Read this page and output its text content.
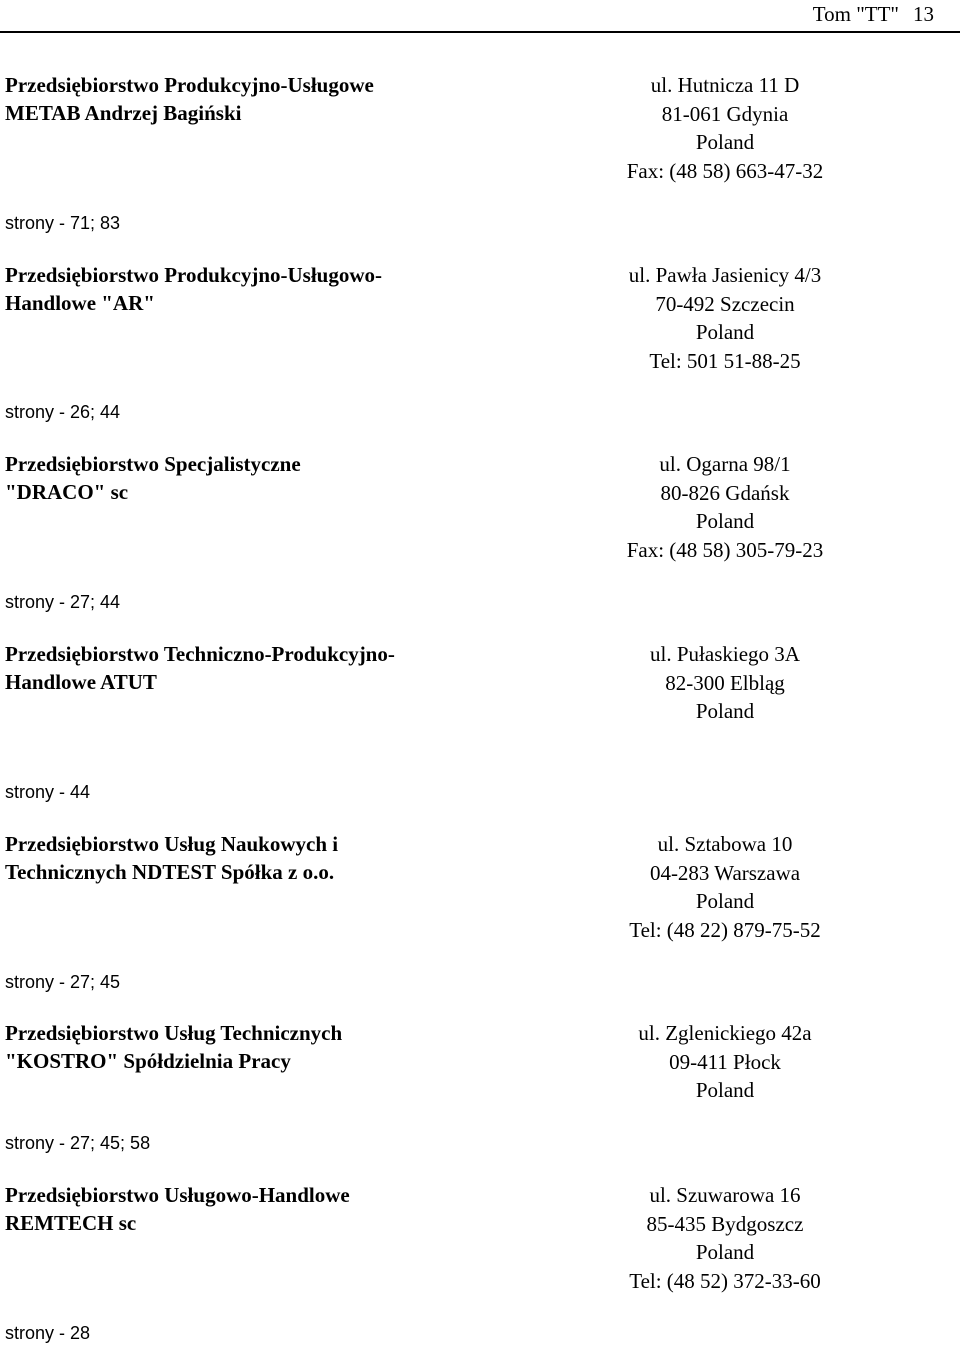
Tom "TT" 13
Przedsiębiorstwo Produkcyjno-Usługowe
METAB Andrzej Bagiński
ul. Hutnicza 11 D
81-061 Gdynia
Poland
Fax: (48 58) 663-47-32
strony - 71; 83
Przedsiębiorstwo Produkcyjno-Usługowo-
Handlowe "AR"
ul. Pawła Jasienicy 4/3
70-492 Szczecin
Poland
Tel: 501 51-88-25
strony - 26; 44
Przedsiębiorstwo Specjalistyczne
"DRACO" sc
ul. Ogarna 98/1
80-826 Gdańsk
Poland
Fax: (48 58) 305-79-23
strony - 27; 44
Przedsiębiorstwo Techniczno-Produkcyjno-
Handlowe ATUT
ul. Pułaskiego 3A
82-300 Elbląg
Poland
strony - 44
Przedsiębiorstwo Usług Naukowych i
Technicznych NDTEST Spółka z o.o.
ul. Sztabowa 10
04-283 Warszawa
Poland
Tel: (48 22) 879-75-52
strony - 27; 45
Przedsiębiorstwo Usług Technicznych
"KOSTRO" Spółdzielnia Pracy
ul. Zglenickiego 42a
09-411 Płock
Poland
strony - 27; 45; 58
Przedsiębiorstwo Usługowo-Handlowe
REMTECH sc
ul. Szuwarowa 16
85-435 Bydgoszcz
Poland
Tel: (48 52) 372-33-60
strony - 28
